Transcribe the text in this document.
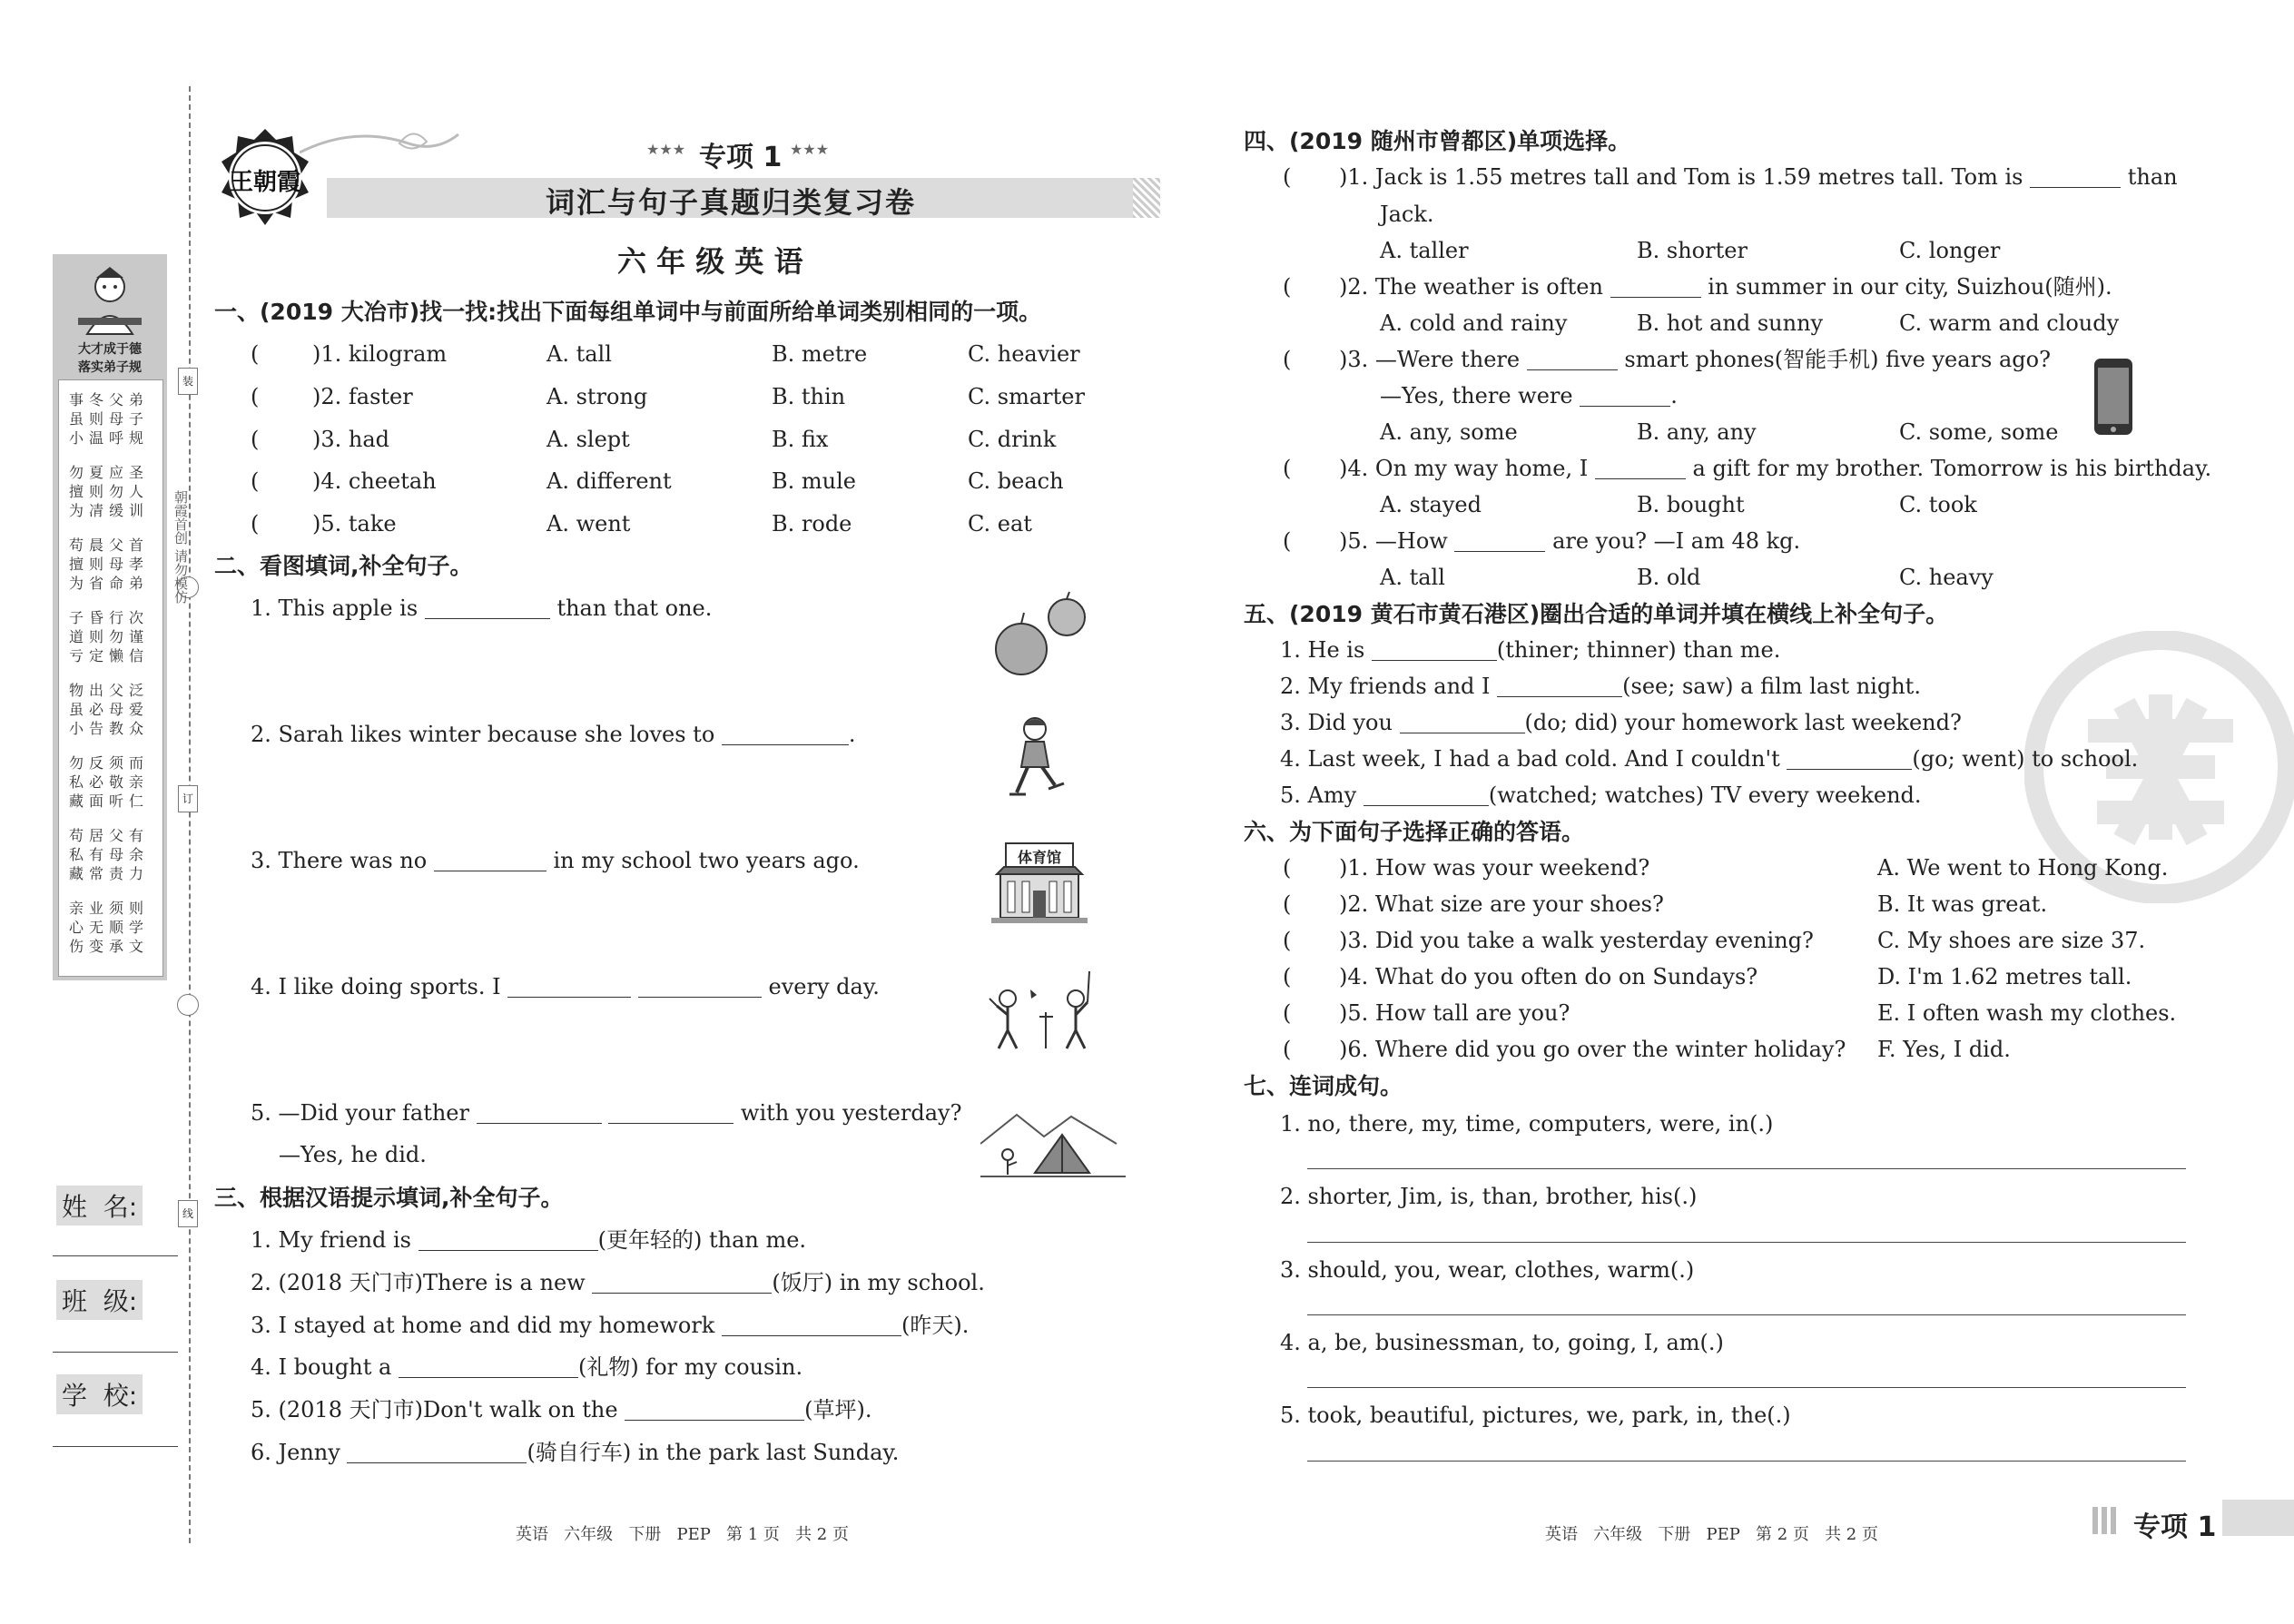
装
订
线
朝霞首创 请勿模仿
大才成于德
落实弟子规
事冬父弟
虽则母子
小温呼规
勿夏应圣
擅则勿人
为凊缓训
苟晨父首
擅则母孝
为省命弟
子昏行次
道则勿谨
亏定懒信
物出父泛
虽必母爱
小告教众
勿反须而
私必敬亲
藏面听仁
苟居父有
私有母余
藏常责力
亲业须则
心无顺学
伤变承文
姓  名:
班  级:
学  校:
王朝霞
★★★ 专项 1 ★★★
词汇与句子真题归类复习卷
六 年 级 英 语
一、(2019 大冶市)找一找:找出下面每组单词中与前面所给单词类别相同的一项。
( )1. kilogram	A. tall	B. metre	C. heavier
( )2. faster	A. strong	B. thin	C. smarter
( )3. had	A. slept	B. fix	C. drink
( )4. cheetah	A. different	B. mule	C. beach
( )5. take	A. went	B. rode	C. eat
二、看图填词,补全句子。
1. This apple is	than that one.
2. Sarah likes winter because she loves to	.
3. There was no	in my school two years ago.	体育馆
4. I like doing sports. I	every day.
5. —Did your father	with you yesterday?
—Yes, he did.
三、根据汉语提示填词,补全句子。
1. My friend is	(更年轻的) than me.
2. (2018 天门市)There is a new	(饭厅) in my school.
3. I stayed at home and did my homework	(昨天).
4. I bought a	(礼物) for my cousin.
5. (2018 天门市)Don't walk on the	(草坪).
6. Jenny	(骑自行车) in the park last Sunday.
四、(2019 随州市曾都区)单项选择。
( )1. Jack is 1.55 metres tall and Tom is 1.59 metres tall. Tom is	than
Jack.
A. taller	B. shorter	C. longer
( )2. The weather is often	in summer in our city, Suizhou(随州).
A. cold and rainy	B. hot and sunny	C. warm and cloudy
( )3. —Were there	smart phones(智能手机) five years ago?
—Yes, there were	.
A. any, some	B. any, any	C. some, some
( )4. On my way home, I	a gift for my brother. Tomorrow is his birthday.
A. stayed	B. bought	C. took
( )5. —How	are you? —I am 48 kg.
A. tall	B. old	C. heavy
五、(2019 黄石市黄石港区)圈出合适的单词并填在横线上补全句子。
1. He is	(thiner; thinner) than me.
2. My friends and I	(see; saw) a film last night.
3. Did you	(do; did) your homework last weekend?
4. Last week, I had a bad cold. And I couldn't	(go; went) to school.
5. Amy	(watched; watches) TV every weekend.
六、为下面句子选择正确的答语。
( )1. How was your weekend?	A. We went to Hong Kong.
( )2. What size are your shoes?	B. It was great.
( )3. Did you take a walk yesterday evening?	C. My shoes are size 37.
( )4. What do you often do on Sundays?	D. I'm 1.62 metres tall.
( )5. How tall are you?	E. I often wash my clothes.
( )6. Where did you go over the winter holiday? F. Yes, I did.
七、连词成句。
1. no, there, my, time, computers, were, in(.)
2. shorter, Jim, is, than, brother, his(.)
3. should, you, wear, clothes, warm(.)
4. a, be, businessman, to, going, I, am(.)
5. took, beautiful, pictures, we, park, in, the(.)
英语   六年级   下册   PEP   第 1 页   共 2 页	英语   六年级   下册   PEP   第 2 页   共 2 页	专项 1
